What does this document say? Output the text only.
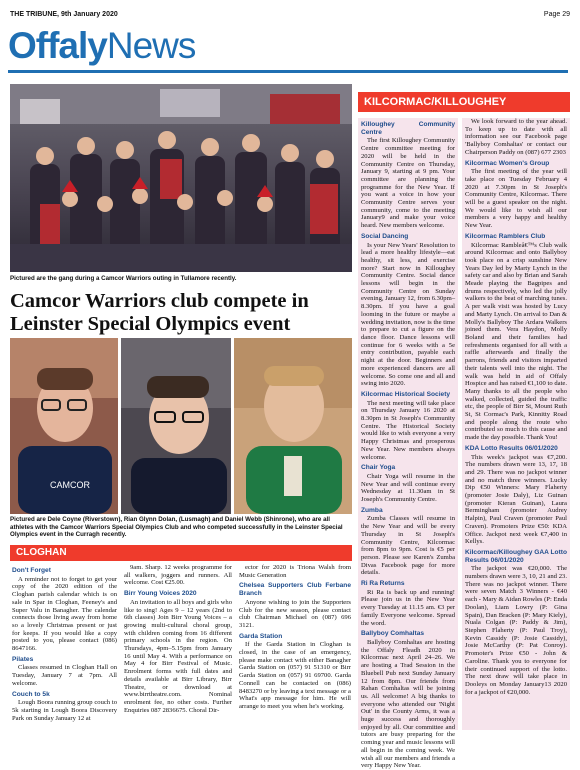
THE TRIBUNE, 9th January 2020	Page 29
OffalyNews
Pictured are the gang during a Camcor Warriors outing in Tullamore recently.
Camcor Warriors club compete in Leinster Special Olympics event
CAMCOR
Pictured are Dele Coyne (Riverstown), Rian Glynn Dolan, (Lusmagh) and Daniel Webb (Shinrone), who are all athletes with the Camcor Warriors Special Olympics Club and who competed successfully in the Leinster Special Olympics event in the Curragh recently.
CLOGHAN
Don't Forget

A reminder not to forget to get your copy of the 2020 edition of the Cloghan parish calendar which is on sale in Spar in Cloghan, Feeney's and Super Valu in Banagher. The calendar connects those living away from home so a lovely Christmas present or just for keeps. If you would like a copy posted to you, please contact (086) 8647166.

Pilates

Classes resumed in Cloghan Hall on Tuesday, January 7 at 7pm. All welcome.

Couch to 5k

Lough Boora running group couch to 5k starting in Lough Boora Discovery Park on Sunday January 12 at

9am. Sharp. 12 weeks programme for all walkers, joggers and runners. All welcome. Cost €25.00.

Birr Young Voices 2020

An invitation to all boys and girls who like to sing! Ages 9 – 12 years (2nd to 6th classes) Join Birr Young Voices – a growing multi-cultural choral group, with children coming from 16 different primary schools in the region. On Thursdays, 4pm–5.15pm from January 16 until May 4. With a performance on May 4 for Birr Festival of Music. Enrolment forms with full dates and details available at Birr Library, Birr Theatre, or download at www.birrtheatre.com. Nominal enrolment fee, no other costs. Further Enquiries 087 2836675. Choral Dir-

ector for 2020 is Triona Walsh from Music Generation

Chelsea Supporters Club Ferbane Branch

Anyone wishing to join the Supporters Club for the new season, please contact club Chairman Michael on (087) 696 3121.

Garda Station

If the Garda Station in Cloghan is closed, in the case of an emergency, please make contact with either Banagher Garda Station on (057) 91 51310 or Birr Garda Station on (057) 91 69700. Garda Connell can be contacted on (086) 8483270 or by leaving a text message or a What's app message for him. He will arrange to meet you when he's working.

KILCORMAC/KILLOUGHEY
Killoughey Community Centre

The first Killoughey Community Centre committee meeting for 2020 will be held in the Community Centre on Thursday, January 9, starting at 9 pm. Your committee are planning the programme for the New Year. If you want a voice in how your Community Centre serves your community, come to the meeting January9 and make your voice heard. New members welcome.

Social Dancing

Is your New Years' Resolution to lead a more healthy lifestyle—eat healthy, sit less, and exercise more? Start now in Killoughey Community Centre. Social dance lessons will begin in the Community Centre on Sunday evening, January 12, from 6.30pm–8.30pm. If you have a goal looming in the future or maybe a wedding invitation, now is the time to prepare to cut a figure on the dance floor. Dance lessons will continue for 6 weeks with a 5e entry contribution, payable each night at the door. Beginners and more experienced dancers are all welcome. So come one and all and swing into 2020.

Kilcormac Historical Society

The next meeting will take place on Thursday January 16 2020 at 8.30pm in St Joseph's Community Centre. The Historical Society would like to wish everyone a very Happy Christmas and prosperous New Year. New members always welcome.

Chair Yoga

Chair Yoga will resume in the New Year and will continue every Wednesday at 11.30am in St Joseph's Community Centre.

Zumba

Zumba Classes will resume in the New Year and will be every Thursday in St Joseph's Community Centre, Kilcormac from 8pm to 9pm. Cost is €5 per person. Please see Karen's Zumba Divas Facebook page for more details.

Ri Ra Returns

Ri Ra is back up and running! Please join us in the New Year every Tuesday at 11.15 am. €3 per family Everyone welcome. Spread the word.

Ballyboy Comhaltas

Ballyboy Comhaltas are hosting the Offaly Fleadh 2020 in Kilcormac next April 24–26. We are hosting a Trad Session in the Bluebell Pub next Sunday January 12 from 8pm. Our friends from Rahan Comhaltas will be joining us. All welcome! A big thanks to everyone who attended our 'Night Out' in the County Arms, it was a huge success and thoroughly enjoyed by all. Our committee and tutors are busy preparing for the coming year and music lessons will all begin in the coming week. We wish all our members and friends a very Happy New Year.

We look forward to the year ahead. To keep up to date with all information see our Facebook page 'Ballyboy Comhaltas' or contact our Chairperson Paddy on (087) 677 2303

Kilcormac Women's Group

The first meeting of the year will take place on Tuesday February 4 2020 at 7.30pm in St Joseph's Community Centre, Kilcormac. There will be a guest speaker on the night. We would like to wish all our members a very happy and healthy New Year.

Kilcormac Ramblers Club

Kilcormac Rambleâ€™s Club walk around Kilcormac and onto Ballyboy took place on a crisp sunshine New Years Day led by Marty Lynch in the safety car and also by Brian and Sarah Meade playing the Bagpipes and drums respectively, who led the jolly walkers to the beat of marching tunes. A per walk visit was hosted by Lucy and Marty Lynch. On arrival to Dan & Molly's Ballyboy The Ardara Walkers joined them. Vera Haydon, Molly Boland and their families had refreshments organised for all with a raffle afterwards and finally the parrons, friends and visitors imparted their talents well into the night. The walk was held in aid of Offaly Hospice and has raised €1,100 to date. Many thanks to all the people who walked, collected, guided the traffic etc, the people of Birr St, Mount Ruth St, St Cormac's Park, Kinnitty Road and people along the route who contributed so much to this cause and made the day possible. Thank You!

KDA Lotto Results 06/01/2020

This week's jackpot was €7,200. The numbers drawn were 13, 17, 18 and 29. There was no jackpot winner and no match three winners. Lucky Dip €50 Winners: Mary Flaherty (promoter Josie Daly), Liz Guinan (promoter Kieran Guinan), Laura Bermingham (promoter Audrey Halpin), Paul Craven (promoter Paul Craven). Promoters Prize €50: KDA Office. Jackpot next week €7,400 in Kellys.

Kilcormac/Killoughey GAA Lotto Results 06/01/2020

The jackpot was €20,000. The numbers drawn were 3, 10, 21 and 23. There was no jackpot winner. There were seven Match 3 Winners - €40 each - Mary & Aidan Rowles (P: Enda Doolan), Liam Lowry (P: Gina Spain), Dan Bracken (P: Mary Kiely), Nuala Colgan (P: Paddy & Jim), Stephen Flaherty (P: Paul Troy), Kevin Cassidy (P: Josie Cassidy), Josie McCarthy (P: Pat Conroy). Promoter's Prize €50 - John & Caroline. Thank you to everyone for their continued support of the lotto. The next draw will take place in Dooleys on Monday January13 2020 for a jackpot of €20,000.
